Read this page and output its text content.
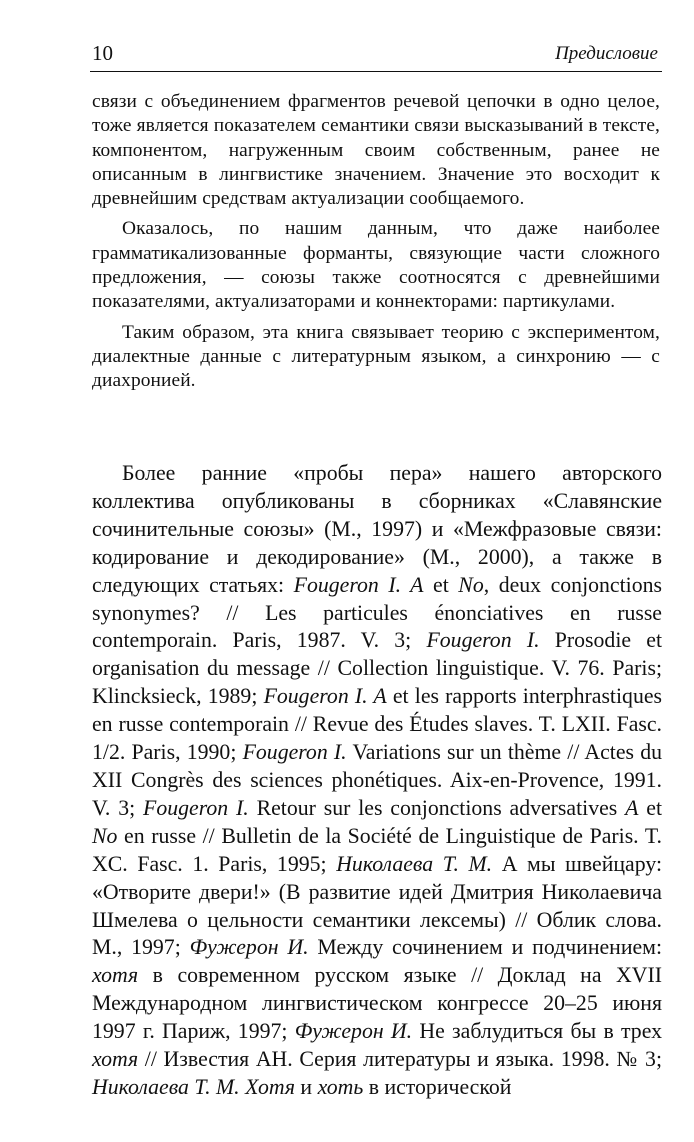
10	Предисловие

связи с объединением фрагментов речевой цепочки в одно целое, тоже является показателем семантики связи высказываний в тексте, компонентом, нагруженным своим собственным, ранее не описанным в лингвистике значением. Значение это восходит к древнейшим средствам актуализации сообщаемого.

Оказалось, по нашим данным, что даже наиболее грамматикализованные форманты, связующие части сложного предложения, — союзы также соотносятся с древнейшими показателями, актуализаторами и коннекторами: партикулами.

Таким образом, эта книга связывает теорию с экспериментом, диалектные данные с литературным языком, а синхронию — с диахронией.

Более ранние «пробы пера» нашего авторского коллектива опубликованы в сборниках «Славянские сочинительные союзы» (М., 1997) и «Межфразовые связи: кодирование и декодирование» (М., 2000), а также в следующих статьях: Fougeron I. A et No, deux conjonctions synonymes? // Les particules énonciatives en russe contemporain. Paris, 1987. V. 3; Fougeron I. Prosodie et organisation du message // Collection linguistique. V. 76. Paris; Klincksieck, 1989; Fougeron I. A et les rapports interphrastiques en russe contemporain // Revue des Études slaves. T. LXII. Fasc. 1/2. Paris, 1990; Fougeron I. Variations sur un thème // Actes du XII Congrès des sciences phonétiques. Aix-en-Provence, 1991. V. 3; Fougeron I. Retour sur les conjonctions adversatives A et No en russe // Bulletin de la Société de Linguistique de Paris. T. XC. Fasc. 1. Paris, 1995; Николаева Т. М. А мы швейцару: «Отворите двери!» (В развитие идей Дмитрия Николаевича Шмелева о цельности семантики лексемы) // Облик слова. М., 1997; Фужерон И. Между сочинением и подчинением: хотя в современном русском языке // Доклад на XVII Международном лингвистическом конгрессе 20–25 июня 1997 г. Париж, 1997; Фужерон И. Не заблудиться бы в трех хотя // Известия АН. Серия литературы и языка. 1998. № 3; Николаева Т. М. Хотя и хоть в исторической
